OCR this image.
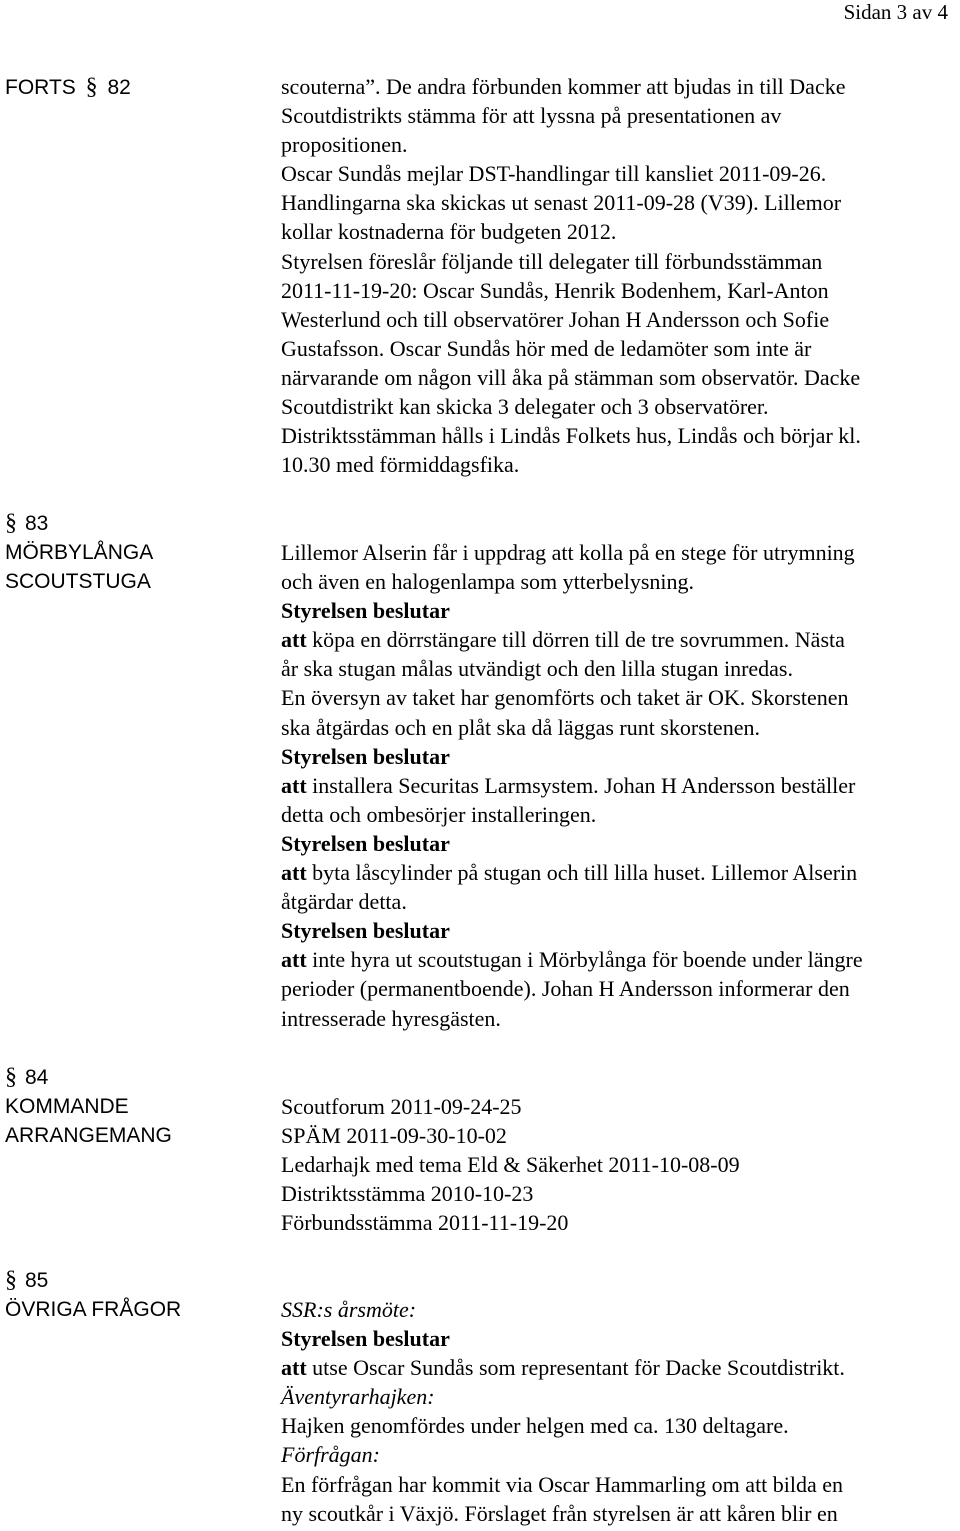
Sidan 3 av 4
FORTS § 82	scouterna”. De andra förbunden kommer att bjudas in till Dacke
Scoutdistrikts stämma för att lyssna på presentationen av
propositionen.
Oscar Sundås mejlar DST-handlingar till kansliet 2011-09-26.
Handlingarna ska skickas ut senast 2011-09-28 (V39). Lillemor
kollar kostnaderna för budgeten 2012.
Styrelsen föreslår följande till delegater till förbundsstämman
2011-11-19-20: Oscar Sundås, Henrik Bodenhem, Karl-Anton
Westerlund och till observatörer Johan H Andersson och Sofie
Gustafsson. Oscar Sundås hör med de ledamöter som inte är
närvarande om någon vill åka på stämman som observatör. Dacke
Scoutdistrikt kan skicka 3 delegater och 3 observatörer.
Distriktsstämman hålls i Lindås Folkets hus, Lindås och börjar kl.
10.30 med förmiddagsfika.
§ 83
MÖRBYLÅNGA
SCOUTSTUGA
Lillemor Alserin får i uppdrag att kolla på en stege för utrymning
och även en halogenlampa som ytterbelysning.
Styrelsen beslutar
att köpa en dörrstängare till dörren till de tre sovrummen. Nästa
år ska stugan målas utvändigt och den lilla stugan inredas.
En översyn av taket har genomförts och taket är OK. Skorstenen
ska åtgärdas och en plåt ska då läggas runt skorstenen.
Styrelsen beslutar
att installera Securitas Larmsystem. Johan H Andersson beställer
detta och ombesörjer installeringen.
Styrelsen beslutar
att byta låscylinder på stugan och till lilla huset. Lillemor Alserin
åtgärdar detta.
Styrelsen beslutar
att inte hyra ut scoutstugan i Mörbylånga för boende under längre
perioder (permanentboende). Johan H Andersson informerar den
intresserade hyresgästen.
§ 84
KOMMANDE
ARRANGEMANG
Scoutforum 2011-09-24-25
SPÄM 2011-09-30-10-02
Ledarhajk med tema Eld & Säkerhet 2011-10-08-09
Distriktsstämma 2010-10-23
Förbundsstämma 2011-11-19-20
§ 85
ÖVRIGA FRÅGOR	SSR:s årsmöte:
Styrelsen beslutar
att utse Oscar Sundås som representant för Dacke Scoutdistrikt.
Äventyrarhajken:
Hajken genomfördes under helgen med ca. 130 deltagare.
Förfrågan:
En förfrågan har kommit via Oscar Hammarling om att bilda en
ny scoutkår i Växjö. Förslaget från styrelsen är att kåren blir en
